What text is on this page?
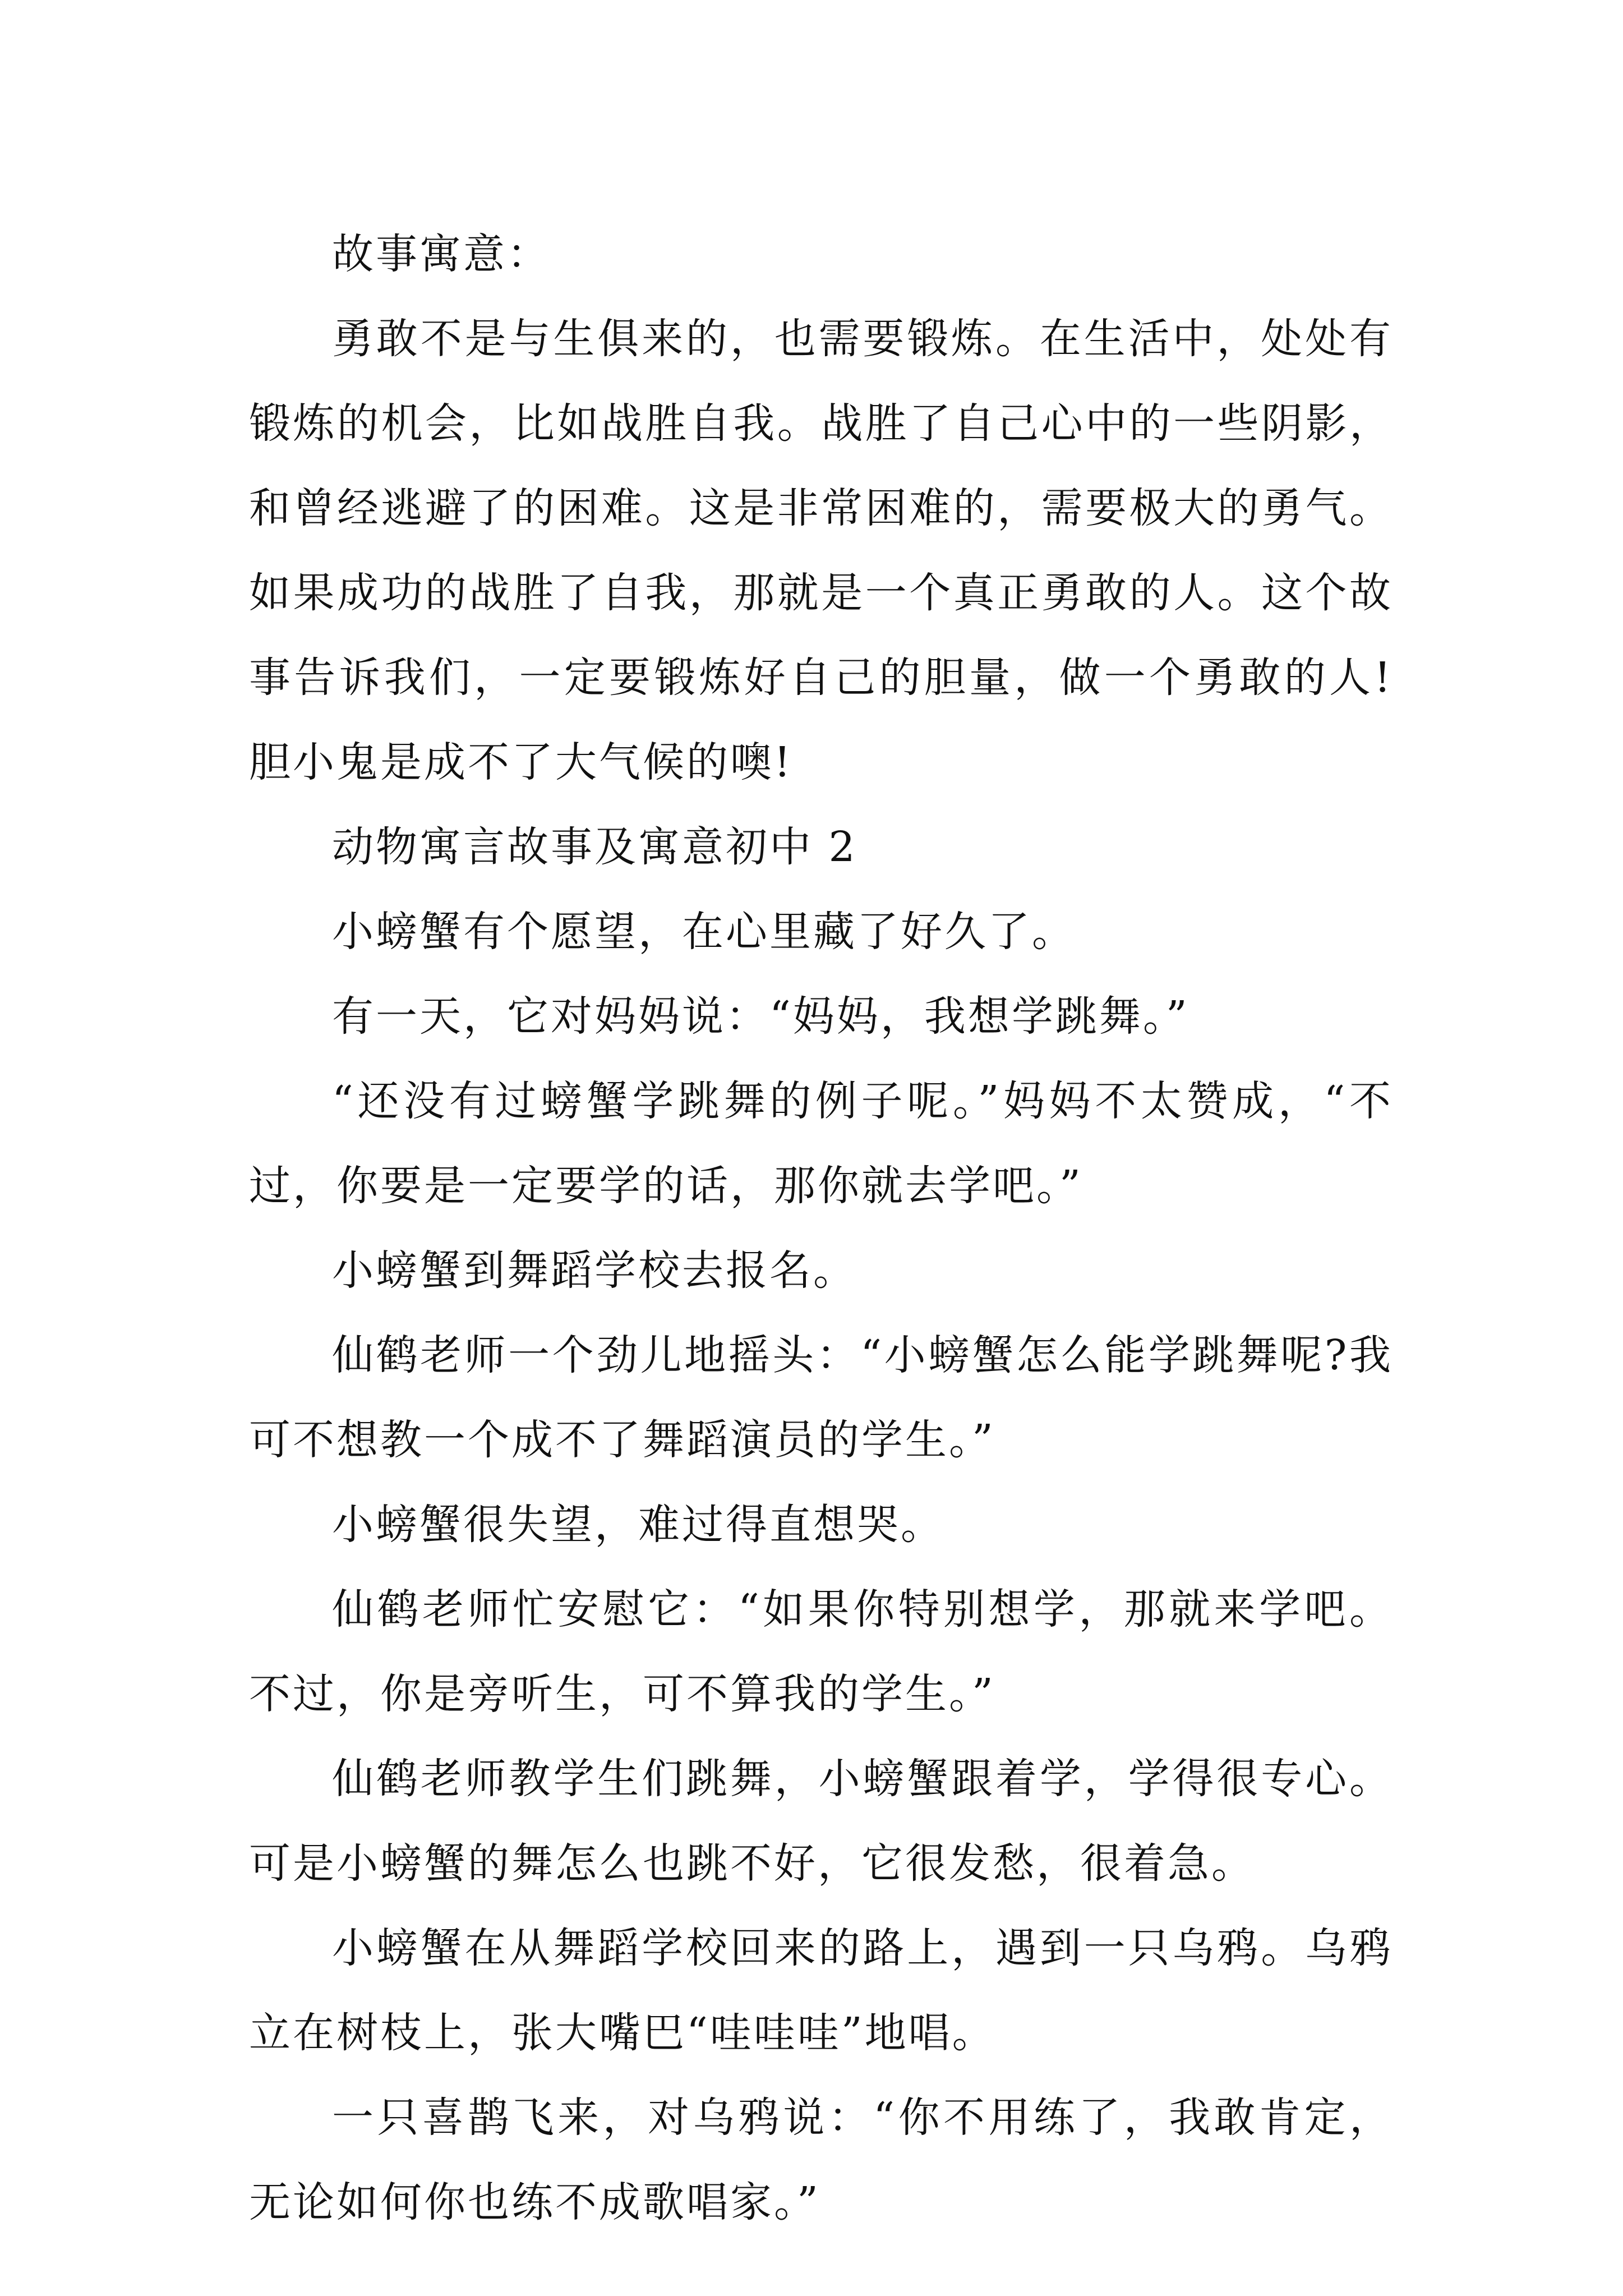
故事寓意：

勇敢不是与生俱来的，也需要锻炼。在生活中，处处有锻炼的机会，比如战胜自我。战胜了自己心中的一些阴影，和曾经逃避了的困难。这是非常困难的，需要极大的勇气。如果成功的战胜了自我，那就是一个真正勇敢的人。这个故事告诉我们，一定要锻炼好自己的胆量，做一个勇敢的人!胆小鬼是成不了大气候的噢!

动物寓言故事及寓意初中 2

小螃蟹有个愿望，在心里藏了好久了。

有一天，它对妈妈说：“妈妈，我想学跳舞。”

“还没有过螃蟹学跳舞的例子呢。”妈妈不太赞成，“不过，你要是一定要学的话，那你就去学吧。”

小螃蟹到舞蹈学校去报名。

仙鹤老师一个劲儿地摇头：“小螃蟹怎么能学跳舞呢?我可不想教一个成不了舞蹈演员的学生。”

小螃蟹很失望，难过得直想哭。

仙鹤老师忙安慰它：“如果你特别想学，那就来学吧。不过，你是旁听生，可不算我的学生。”

仙鹤老师教学生们跳舞，小螃蟹跟着学，学得很专心。可是小螃蟹的舞怎么也跳不好，它很发愁，很着急。

小螃蟹在从舞蹈学校回来的路上，遇到一只乌鸦。乌鸦立在树枝上，张大嘴巴“哇哇哇”地唱。

一只喜鹊飞来，对乌鸦说：“你不用练了，我敢肯定，无论如何你也练不成歌唱家。”
